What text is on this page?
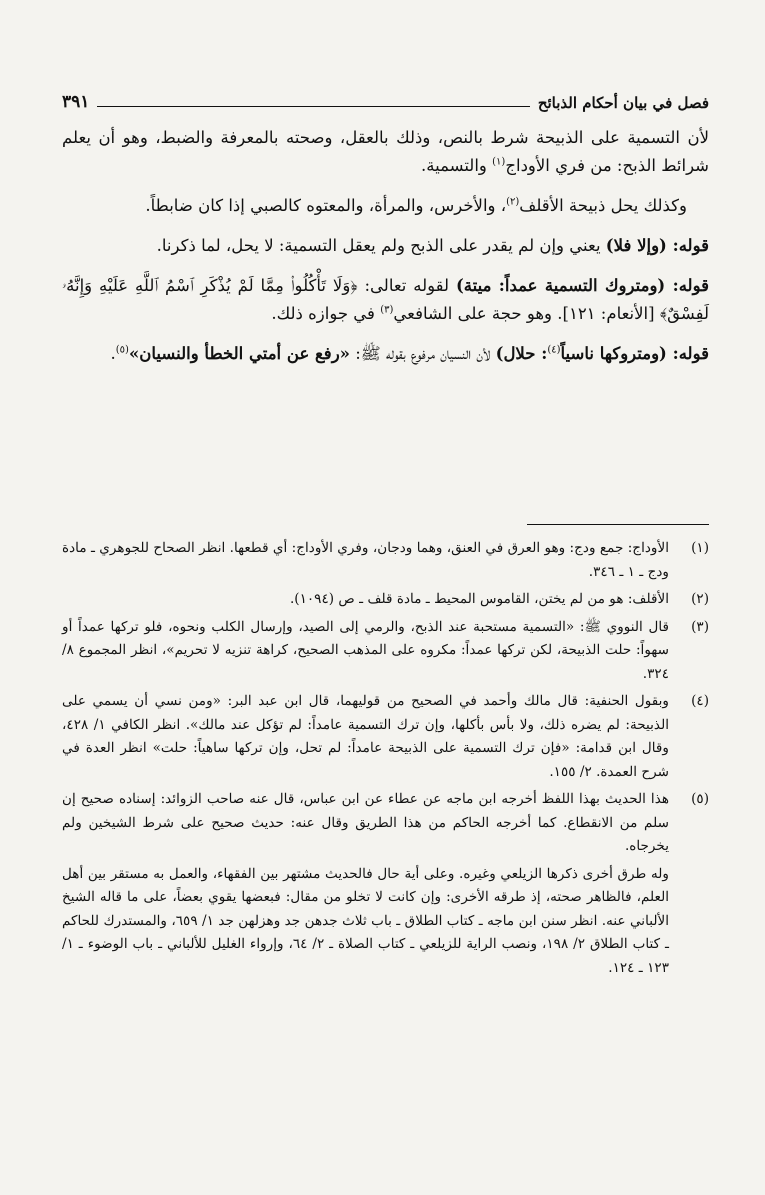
فصل في بيان أحكام الذبائح
٣٩١

لأن التسمية على الذبيحة شرط بالنص، وذلك بالعقل، وصحته بالمعرفة والضبط، وهو أن يعلم شرائط الذبح: من فري الأوداج$^{(١)}$ والتسمية.

وكذلك يحل ذبيحة الأقلف$^{(٢)}$، والأخرس، والمرأة، والمعتوه كالصبي إذا كان ضابطاً.

قوله: (وإلا فلا) يعني وإن لم يقدر على الذبح ولم يعقل التسمية: لا يحل، لما ذكرنا.

قوله: (ومتروك التسمية عمداً: ميتة) لقوله تعالى: ﴿وَلَا تَأْكُلُوا۟ مِمَّا لَمْ يُذْكَرِ ٱسْمُ ٱللَّهِ عَلَيْهِ وَإِنَّهُۥ لَفِسْقٌ﴾ [الأنعام: ١٢١]. وهو حجة على الشافعي$^{(٣)}$ في جوازه ذلك.

قوله: (ومتروكها ناسياً$^{(٤)}$: حلال) لأن النسيان مرفوع بقوله ﷺ: «رفع عن أمتي الخطأ والنسيان»$^{(٥)}$.

(١)

الأوداج: جمع ودج: وهو العرق في العنق، وهما ودجان، وفري الأوداج: أي قطعها. انظر الصحاح للجوهري ـ مادة ودج ـ ١ ـ ٣٤٦.

(٢)

الأقلف: هو من لم يختن، القاموس المحيط ـ مادة قلف ـ ص (١٠٩٤).

(٣)

قال النووي ﷺ: «التسمية مستحبة عند الذبح، والرمي إلى الصيد، وإرسال الكلب ونحوه، فلو تركها عمداً أو سهواً: حلت الذبيحة، لكن تركها عمداً: مكروه على المذهب الصحيح، كراهة تنزيه لا تحريم»، انظر المجموع ٨/ ٣٢٤.

(٤)

وبقول الحنفية: قال مالك وأحمد في الصحيح من قوليهما، قال ابن عبد البر: «ومن نسي أن يسمي على الذبيحة: لم يضره ذلك، ولا بأس بأكلها، وإن ترك التسمية عامداً: لم تؤكل عند مالك». انظر الكافي ١/ ٤٢٨، وقال ابن قدامة: «فإن ترك التسمية على الذبيحة عامداً: لم تحل، وإن تركها ساهياً: حلت» انظر العدة في شرح العمدة. ٢/ ١٥٥.

(٥)

هذا الحديث بهذا اللفظ أخرجه ابن ماجه عن عطاء عن ابن عباس، قال عنه صاحب الزوائد: إسناده صحيح إن سلم من الانقطاع. كما أخرجه الحاكم من هذا الطريق وقال عنه: حديث صحيح على شرط الشيخين ولم يخرجاه.

وله طرق أخرى ذكرها الزيلعي وغيره. وعلى أية حال فالحديث مشتهر بين الفقهاء، والعمل به مستقر بين أهل العلم، فالظاهر صحته، إذ طرقه الأخرى: وإن كانت لا تخلو من مقال: فبعضها يقوي بعضاً، على ما قاله الشيخ الألباني عنه. انظر سنن ابن ماجه ـ كتاب الطلاق ـ باب ثلاث جدهن جد وهزلهن جد ١/ ٦٥٩، والمستدرك للحاكم ـ كتاب الطلاق ٢/ ١٩٨، ونصب الراية للزيلعي ـ كتاب الصلاة ـ ٢/ ٦٤، وإرواء الغليل للألباني ـ باب الوضوء ـ ١/ ١٢٣ ـ ١٢٤.
